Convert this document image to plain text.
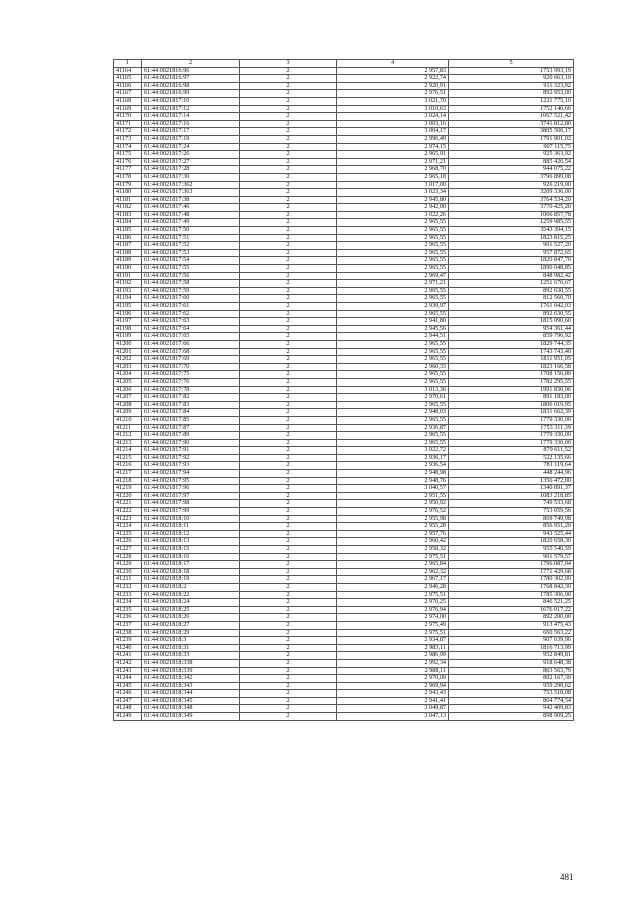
1	2	3	4	5
41164	61:44:0021816:96	2	2 957,83	1753 993,19
41165	61:44:0021816:97	2	2 922,74	920 663,10
41166	61:44:0021816:98	2	2 920,91	911 323,92
41167	61:44:0021816:99	2	2 976,51	892 953,00
41168	61:44:0021817:10	2	3 021,70	1221 775,10
41169	61:44:0021817:12	2	3 010,63	1752 146,66
41170	61:44:0021817:14	2	3 024,14	1067 521,42
41171	61:44:0021817:16	2	3 003,16	3741 812,80
41172	61:44:0021817:17	2	3 004,17	3805 506,17
41173	61:44:0021817:19	2	2 996,49	1791 901,02
41174	61:44:0021817:24	2	2 974,15	907 115,75
41175	61:44:0021817:26	2	2 965,91	925 363,92
41176	61:44:0021817:27	2	2 971,21	885 426,54
41177	61:44:0021817:28	2	2 968,70	944 075,22
41178	61:44:0021817:30	2	2 965,18	3796 899,08
41179	61:44:0021817:362	2	3 017,00	926 219,00
41180	61:44:0021817:363	2	3 023,34	3209 336,00
41181	61:44:0021817:38	2	2 945,80	3764 534,20
41182	61:44:0021817:46	2	2 942,00	3770 425,20
41183	61:44:0021817:48	2	3 022,26	1066 857,78
41184	61:44:0021817:49	2	2 965,55	1259 985,55
41185	61:44:0021817:50	2	2 965,55	3543 394,15
41186	61:44:0021817:51	2	2 965,55	1823 815,25
41187	61:44:0021817:52	2	2 965,55	901 527,20
41188	61:44:0021817:53	2	2 965,55	957 872,65
41189	61:44:0021817:54	2	2 965,55	1820 847,70
41190	61:44:0021817:55	2	2 965,55	1890 048,85
41191	61:44:0021817:56	2	2 969,47	848 982,42
41192	61:44:0021817:58	2	2 971,21	1251 676,67
41193	61:44:0021817:59	2	2 965,55	892 630,55
41194	61:44:0021817:60	2	2 965,55	812 560,70
41195	61:44:0021817:61	2	2 939,97	1761 042,03
41196	61:44:0021817:62	2	2 965,55	892 630,55
41197	61:44:0021817:63	2	2 941,80	1815 090,60
41198	61:44:0021817:64	2	2 945,56	954 361,44
41199	61:44:0021817:65	2	2 944,51	859 796,92
41200	61:44:0021817:66	2	2 965,55	1829 744,35
41201	61:44:0021817:68	2	2 965,55	1743 743,40
41202	61:44:0021817:69	2	2 965,55	1811 951,05
41203	61:44:0021817:70	2	2 960,33	1823 166,58
41204	61:44:0021817:75	2	2 965,55	1708 156,80
41205	61:44:0021817:76	2	2 965,55	1782 295,55
41206	61:44:0021817:78	2	3 013,36	1991 830,96
41207	61:44:0021817:82	2	2 970,61	891 183,00
41208	61:44:0021817:83	2	2 965,55	1806 019,95
41209	61:44:0021817:84	2	2 948,03	1831 662,39
41210	61:44:0021817:85	2	2 965,55	1779 330,00
41211	61:44:0021817:87	2	2 936,87	1753 311,39
41212	61:44:0021817:89	2	2 965,55	1779 330,00
41213	61:44:0021817:90	2	2 965,55	1779 330,00
41214	61:44:0021817:91	2	3 022,72	879 611,52
41215	61:44:0021817:92	2	2 936,17	522 135,66
41216	61:44:0021817:93	2	2 936,54	781 119,64
41217	61:44:0021817:94	2	2 948,98	448 244,96
41218	61:44:0021817:95	2	2 948,76	1356 472,00
41219	61:44:0021817:96	2	3 040,57	1340 891,37
41220	61:44:0021817:97	2	2 951,55	1083 218,85
41221	61:44:0021817:98	2	2 950,92	749 533,68
41222	61:44:0021817:99	2	2 976,52	753 059,56
41223	61:44:0021818:10	2	2 955,98	869 749,98
41224	61:44:0021818:11	2	2 955,28	856 951,20
41225	61:44:0021818:12	2	2 957,76	943 525,44
41226	61:44:0021818:13	2	2 960,42	1820 658,30
41227	61:44:0021818:15	2	2 958,32	955 540,59
41228	61:44:0021818:16	2	2 975,51	901 579,57
41229	61:44:0021818:17	2	2 965,84	1796 087,04
41230	61:44:0021818:18	2	2 962,32	1771 429,68
41231	61:44:0021818:19	2	2 967,17	1780 302,00
41232	61:44:0021818:2	2	2 946,28	1768 842,30
41233	61:44:0021818:22	2	2 975,51	1785 306,00
41234	61:44:0021818:24	2	2 970,25	846 521,25
41235	61:44:0021818:25	2	2 976,94	1676 017,22
41236	61:44:0021818:26	2	2 974,00	892 200,00
41237	61:44:0021818:27	2	2 975,49	913 475,43
41238	61:44:0021818:29	2	2 975,51	660 563,22
41239	61:44:0021818:3	2	2 934,87	907 039,96
41240	61:44:0021818:31	2	2 983,11	1816 713,99
41241	61:44:0021818:33	2	2 986,99	952 849,81
41242	61:44:0021818:338	2	2 992,34	918 648,38
41243	61:44:0021818:339	2	2 988,11	863 563,79
41244	61:44:0021818:342	2	2 970,09	802 167,30
41245	61:44:0021818:343	2	2 969,94	959 290,62
41246	61:44:0021818:344	2	2 943,43	753 518,08
41247	61:44:0021818:345	2	2 941,41	864 774,54
41248	61:44:0021818:348	2	3 049,87	942 409,83
41249	61:44:0021818:349	2	3 047,13	898 909,25
481
